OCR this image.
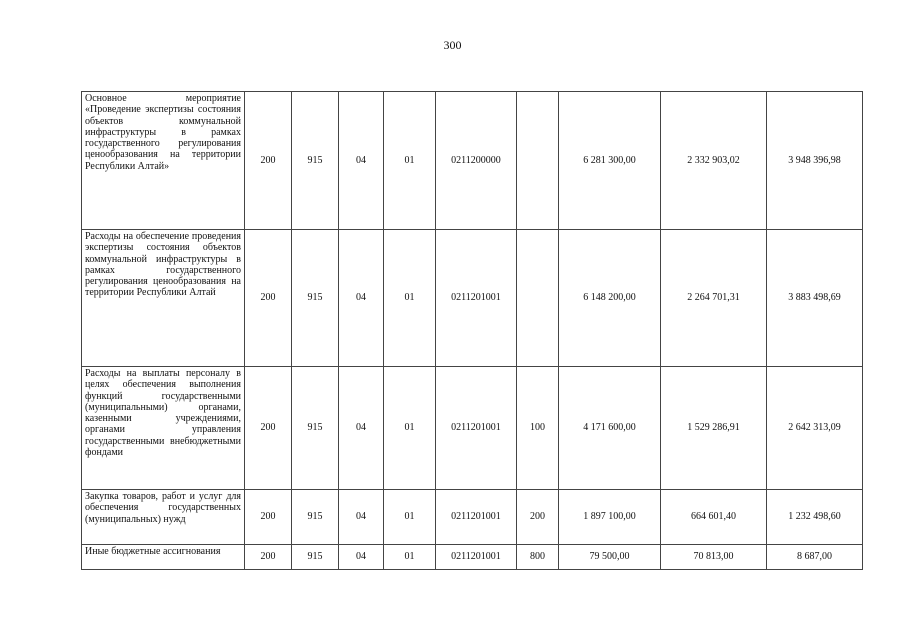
300
Основное мероприятие «Проведение экспертизы состояния объектов коммунальной инфраструктуры в рамках государственного регулирования ценообразования на территории Республики Алтай»	200	915	04	01	0211200000		6 281 300,00	2 332 903,02	3 948 396,98
Расходы на обеспечение проведения экспертизы состояния объектов коммунальной инфраструктуры в рамках государственного регулирования ценообразования на территории Республики Алтай	200	915	04	01	0211201001		6 148 200,00	2 264 701,31	3 883 498,69
Расходы на выплаты персоналу в целях обеспечения выполнения функций государственными (муниципальными) органами, казенными учреждениями, органами управления государственными внебюджетными фондами	200	915	04	01	0211201001	100	4 171 600,00	1 529 286,91	2 642 313,09
Закупка товаров, работ и услуг для обеспечения государственных (муниципальных) нужд	200	915	04	01	0211201001	200	1 897 100,00	664 601,40	1 232 498,60
Иные бюджетные ассигнования	200	915	04	01	0211201001	800	79 500,00	70 813,00	8 687,00
